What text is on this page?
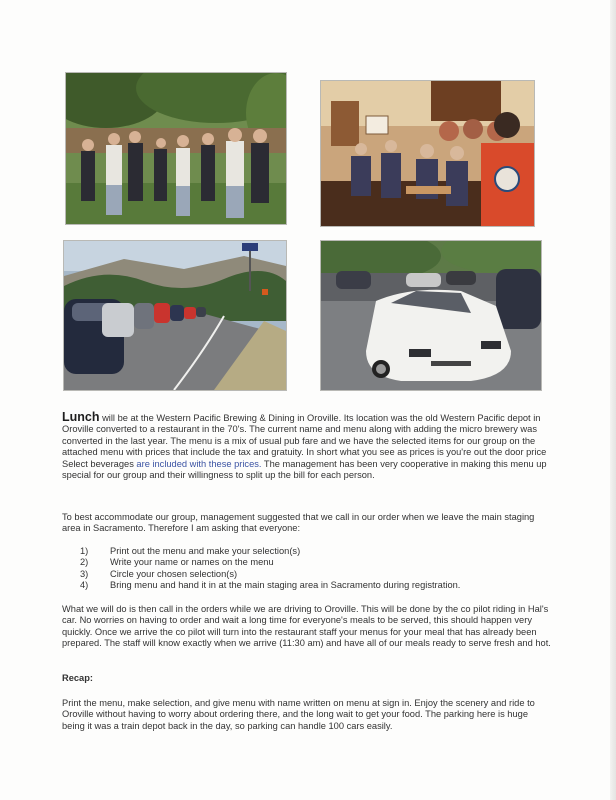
Lunch will be at the Western Pacific Brewing & Dining in Oroville. Its location was the old Western Pacific depot in Oroville converted to a restaurant in the 70's. The current name and menu along with adding the micro brewery was converted in the last year. The menu is a mix of usual pub fare and we have the selected items for our group on the attached menu with prices that include the tax and gratuity. In short what you see as prices is you're out the door price Select beverages are included with these prices. The management has been very cooperative in making this menu up special for our group and their willingness to split up the bill for each person.
To best accommodate our group, management suggested that we call in our order when we leave the main staging area in Sacramento. Therefore I am asking that everyone:
1)	Print out the menu and make your selection(s)
2)	Write your name or names on the menu
3)	Circle your chosen selection(s)
4)	Bring menu and hand it in at the main staging area in Sacramento during registration.
What we will do is then call in the orders while we are driving to Oroville. This will be done by the co pilot riding in Hal's car. No worries on having to order and wait a long time for everyone's meals to be served, this should happen very quickly. Once we arrive the co pilot will turn into the restaurant staff your menus for your meal that has already been prepared. The staff will know exactly when we arrive (11:30 am) and have all of our meals ready to serve fresh and hot.
Recap:
Print the menu, make selection, and give menu with name written on menu at sign in. Enjoy the scenery and ride to Oroville without having to worry about ordering there, and the long wait to get your food. The parking here is huge being it was a train depot back in the day, so parking can handle 100 cars easily.
